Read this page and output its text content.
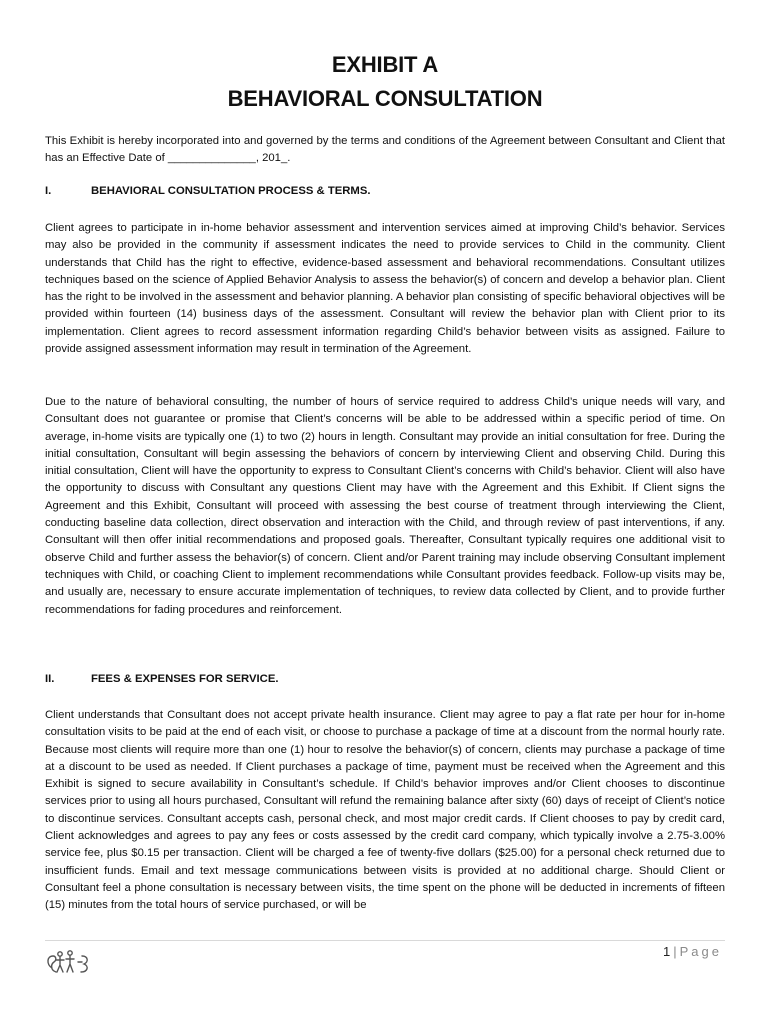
EXHIBIT A
BEHAVIORAL CONSULTATION

This Exhibit is hereby incorporated into and governed by the terms and conditions of the Agreement between Consultant and Client that has an Effective Date of ______________, 201_.

I.	BEHAVIORAL CONSULTATION PROCESS & TERMS.

Client agrees to participate in in-home behavior assessment and intervention services aimed at improving Child’s behavior. Services may also be provided in the community if assessment indicates the need to provide services to Child in the community. Client understands that Child has the right to effective, evidence-based assessment and behavioral recommendations. Consultant utilizes techniques based on the science of Applied Behavior Analysis to assess the behavior(s) of concern and develop a behavior plan. Client has the right to be involved in the assessment and behavior planning. A behavior plan consisting of specific behavioral objectives will be provided within fourteen (14) business days of the assessment. Consultant will review the behavior plan with Client prior to its implementation. Client agrees to record assessment information regarding Child’s behavior between visits as assigned. Failure to provide assigned assessment information may result in termination of the Agreement.

Due to the nature of behavioral consulting, the number of hours of service required to address Child’s unique needs will vary, and Consultant does not guarantee or promise that Client’s concerns will be able to be addressed within a specific period of time. On average, in-home visits are typically one (1) to two (2) hours in length. Consultant may provide an initial consultation for free. During the initial consultation, Consultant will begin assessing the behaviors of concern by interviewing Client and observing Child. During this initial consultation, Client will have the opportunity to express to Consultant Client’s concerns with Child’s behavior. Client will also have the opportunity to discuss with Consultant any questions Client may have with the Agreement and this Exhibit. If Client signs the Agreement and this Exhibit, Consultant will proceed with assessing the best course of treatment through interviewing the Client, conducting baseline data collection, direct observation and interaction with the Child, and through review of past interventions, if any. Consultant will then offer initial recommendations and proposed goals. Thereafter, Consultant typically requires one additional visit to observe Child and further assess the behavior(s) of concern. Client and/or Parent training may include observing Consultant implement techniques with Child, or coaching Client to implement recommendations while Consultant provides feedback. Follow-up visits may be, and usually are, necessary to ensure accurate implementation of techniques, to review data collected by Client, and to provide further recommendations for fading procedures and reinforcement.

II.	FEES & EXPENSES FOR SERVICE.

Client understands that Consultant does not accept private health insurance. Client may agree to pay a flat rate per hour for in-home consultation visits to be paid at the end of each visit, or choose to purchase a package of time at a discount from the normal hourly rate. Because most clients will require more than one (1) hour to resolve the behavior(s) of concern, clients may purchase a package of time at a discount to be used as needed. If Client purchases a package of time, payment must be received when the Agreement and this Exhibit is signed to secure availability in Consultant’s schedule. If Child’s behavior improves and/or Client chooses to discontinue services prior to using all hours purchased, Consultant will refund the remaining balance after sixty (60) days of receipt of Client’s notice to discontinue services. Consultant accepts cash, personal check, and most major credit cards. If Client chooses to pay by credit card, Client acknowledges and agrees to pay any fees or costs assessed by the credit card company, which typically involve a 2.75-3.00% service fee, plus $0.15 per transaction. Client will be charged a fee of twenty-five dollars ($25.00) for a personal check returned due to insufficient funds. Email and text message communications between visits is provided at no additional charge. Should Client or Consultant feel a phone consultation is necessary between visits, the time spent on the phone will be deducted in increments of fifteen (15) minutes from the total hours of service purchased, or will be

1 | Page
